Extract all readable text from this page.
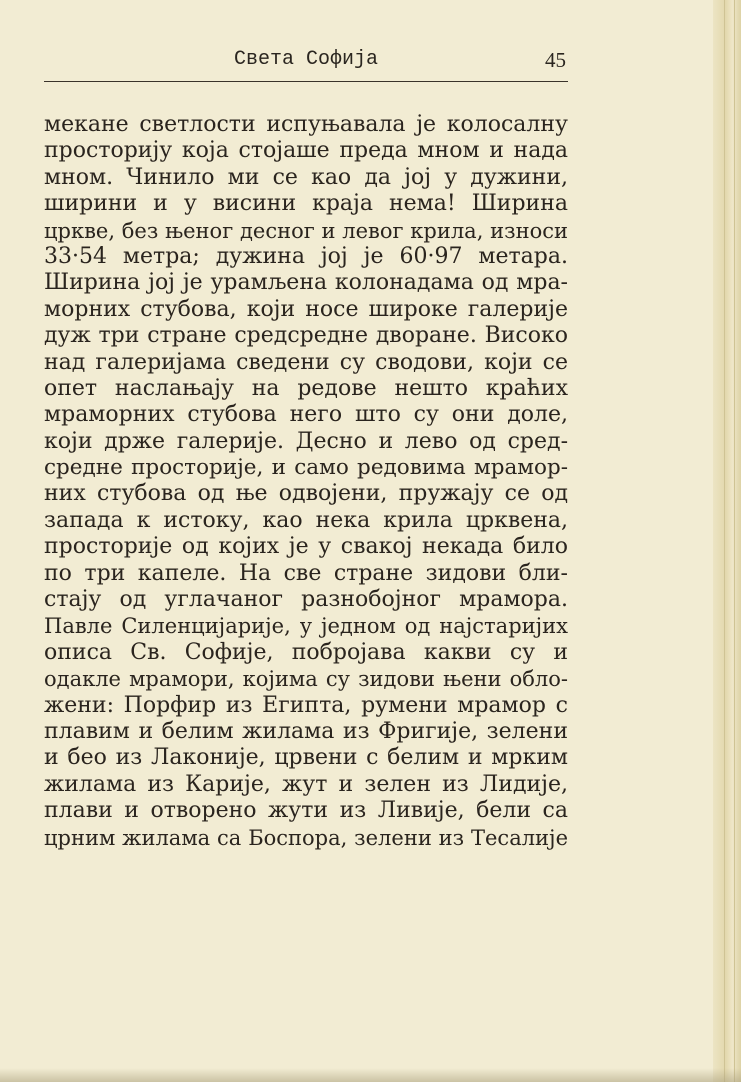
Света Софија	45
мекане светлости испуњавала је колосалну
просторију која стојаше преда мном и нада
мном. Чинило ми се као да јој у дужини,
ширини и у висини краја нема! Ширина
цркве, без њеног десног и левог крила, износи
33·54 метра; дужина јој је 60·97 метара.
Ширина јој је урамљена колонадама од мра-
морних стубова, који носе широке галерије
дуж три стране средсредне дворане. Високо
над галеријама сведени су сводови, који се
опет наслањају на редове нешто краћих
мраморних стубова него што су они доле,
који држе галерије. Десно и лево од сред-
средне просторије, и само редовима мрамор-
них стубова од ње одвојени, пружају се од
запада к истоку, као нека крила црквена,
просторије од којих је у свакој некада било
по три капеле. На све стране зидови бли-
стају од углачаног разнобојног мрамора.
Павле Силенцијарије, у једном од најстаријих
описа Св. Софије, побројава какви су и
одакле мрамори, којима су зидови њени обло-
жени: Порфир из Египта, румени мрамор с
плавим и белим жилама из Фригије, зелени
и бео из Лаконије, црвени с белим и мрким
жилама из Карије, жут и зелен из Лидије,
плави и отворено жути из Ливије, бели са
црним жилама са Боспора, зелени из Тесалије
